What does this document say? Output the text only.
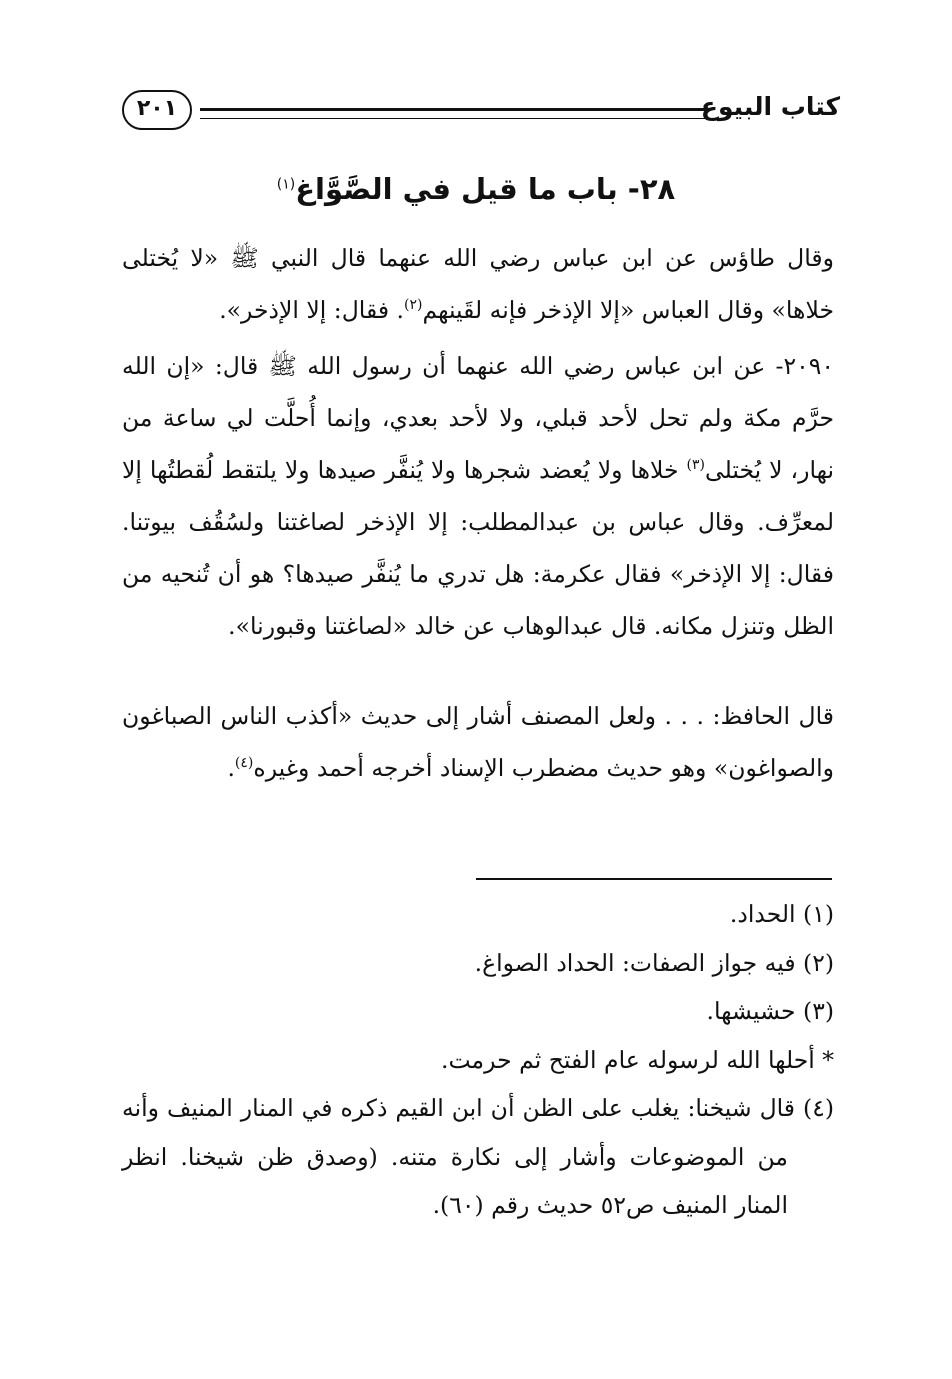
كتاب البيوع
٢٠١
٢٨- باب ما قيل في الصَّوَّاغ$^{(١)}$

وقال طاؤس عن ابن عباس رضي الله عنهما قال النبي ﷺ «لا يُختلى خلاها» وقال العباس «إلا الإذخر فإنه لقَينهم$^{(٢)}$. فقال: إلا الإذخر».

٢٠٩٠- عن ابن عباس رضي الله عنهما أن رسول الله ﷺ قال: «إن الله حرَّم مكة ولم تحل لأحد قبلي، ولا لأحد بعدي، وإنما أُحلَّت لي ساعة من نهار، لا يُختلى$^{(٣)}$ خلاها ولا يُعضد شجرها ولا يُنفَّر صيدها ولا يلتقط لُقطتُها إلا لمعرِّف. وقال عباس بن عبدالمطلب: إلا الإذخر لصاغتنا ولسُقُف بيوتنا. فقال: إلا الإذخر» فقال عكرمة: هل تدري ما يُنفَّر صيدها؟ هو أن تُنحيه من الظل وتنزل مكانه. قال عبدالوهاب عن خالد «لصاغتنا وقبورنا».

قال الحافظ: . . . ولعل المصنف أشار إلى حديث «أكذب الناس الصباغون والصواغون» وهو حديث مضطرب الإسناد أخرجه أحمد وغيره$^{(٤)}$.

(١) الحداد.
(٢) فيه جواز الصفات: الحداد الصواغ.
(٣) حشيشها.
* أحلها الله لرسوله عام الفتح ثم حرمت.
(٤) قال شيخنا: يغلب على الظن أن ابن القيم ذكره في المنار المنيف وأنه من الموضوعات وأشار إلى نكارة متنه. (وصدق ظن شيخنا. انظر المنار المنيف ص٥٢ حديث رقم (٦٠).
